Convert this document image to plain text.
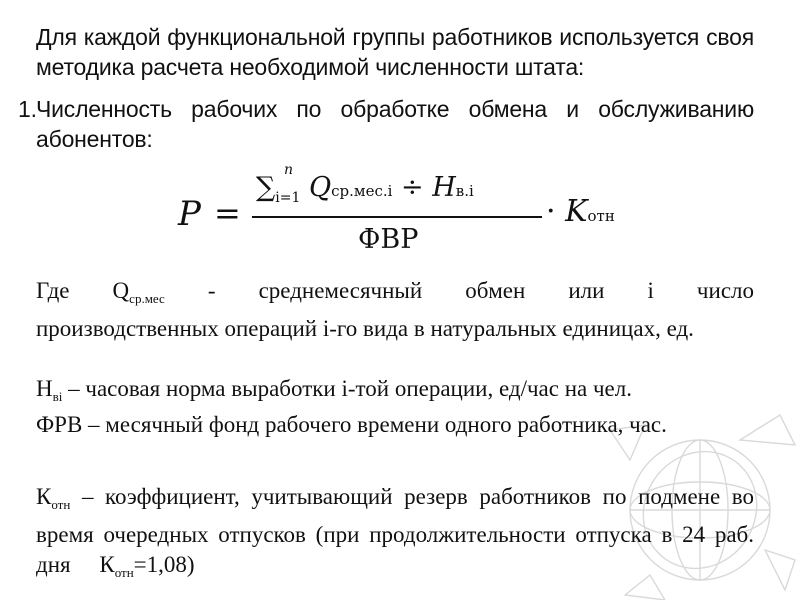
Для каждой функциональной группы работников используется своя методика расчета необходимой численности штата:
1. Численность рабочих по обработке обмена и обслуживанию абонентов:
P =
∑
n
$_{i=1}$ Qср.мес.i ÷ Hв.i
ФВР
· Kотн
Где $Q_{ср.мес}$ - среднемесячный обмен или i число
производственных операций i-го вида в натуральных единицах, ед.
$H_{вi}$ – часовая норма выработки i-той операции, ед/час на чел.
ФРВ – месячный фонд рабочего времени одного работника, час.
$К_{отн}$ – коэффициент, учитывающий резерв работников по подмене во время очередных отпусков (при продолжительности отпуска в 24 раб. дня $К_{отн}=1,08$)
